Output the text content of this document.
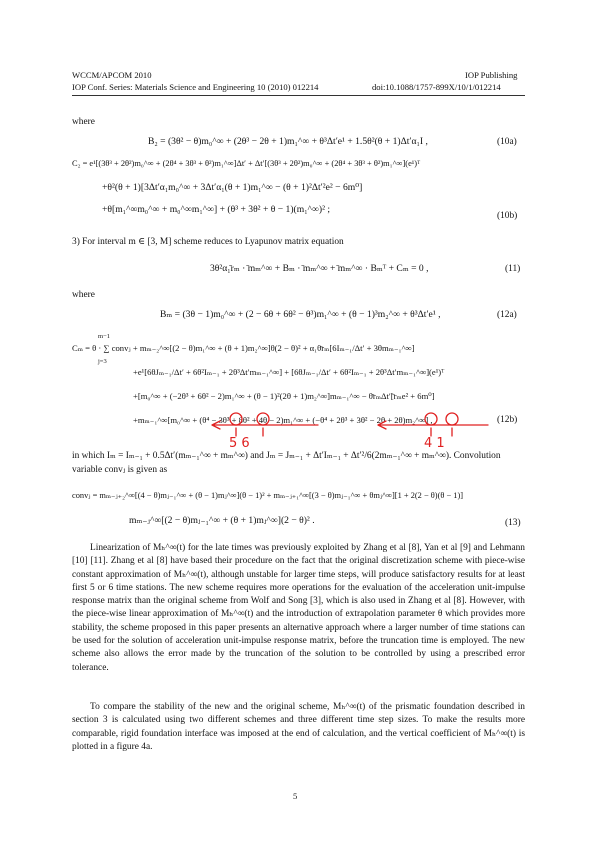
WCCM/APCOM 2010	IOP Publishing
IOP Conf. Series: Materials Science and Engineering 10 (2010) 012214	doi:10.1088/1757-899X/10/1/012214
where
B₂ = (3θ² − θ)m₀^∞ + (2θ³ − 2θ + 1)m₁^∞ + θ³Δt′e¹ + 1.5θ²(θ + 1)Δt′α₁I ,	(10a)
C₂ = e¹[(3θ³ + 2θ²)m₀^∞ + (2θ⁴ + 3θ³ + θ²)m₁^∞]Δt′ + Δt′[(3θ³ + 2θ²)m₀^∞ + (2θ⁴ + 3θ³ + θ²)m₁^∞](e¹)ᵀ
+θ²(θ + 1)[3Δt′α₁m₀^∞ + 3Δt′α₁(θ + 1)m₁^∞ − (θ + 1)²Δt′²e² − 6m⁰]
+θ[m₁^∞m₀^∞ + m₀^∞m₁^∞] + (θ³ + 3θ² + θ − 1)(m₁^∞)² ;
(10b)
3) For interval m ∈ [3, M] scheme reduces to Lyapunov matrix equation
3θ²α₁̄rₘ · ̄mₘ^∞ + Bₘ · ̄mₘ^∞ + ̄mₘ^∞ · Bₘᵀ + Cₘ = 0 ,	(11)
where
Bₘ = (3θ − 1)m₀^∞ + (2 − 6θ + 6θ² − θ³)m₁^∞ + (θ − 1)³m₂^∞ + θ³Δt′e¹ ,	(12a)
m−1
j=3
Cₘ = θ · ∑ convⱼ + mₘ₋₂^∞[(2 − θ)m₁^∞ + (θ + 1)m₂^∞]θ(2 − θ)² + α₁θ̄rₘ[6Iₘ₋₁/Δt′ + 3θmₘ₋₁^∞]
+e¹[6θJₘ₋₁/Δt′ + 6θ²Iₘ₋₁ + 2θ³Δt′mₘ₋₁^∞] + [6θJₘ₋₁/Δt′ + 6θ²Iₘ₋₁ + 2θ³Δt′mₘ₋₁^∞](e¹)ᵀ
+[m₀^∞ + (−2θ³ + 6θ² − 2)m₁^∞ + (θ − 1)²(2θ + 1)m₂^∞]mₘ₋₁^∞ − θ̄rₘΔt′[̄rₘe² + 6m⁰]
+mₘ₋₁^∞[m₀^∞ + (θ⁴ − 3θ³ + 8θ² + 4θ − 2)m₁^∞ + (−θ⁴ + 2θ³ + 3θ² − 2θ + 2θ)m₂^∞] ,	(12b)
in which Iₘ = Iₘ₋₁ + 0.5Δt′(mₘ₋₁^∞ + mₘ^∞) and Jₘ = Jₘ₋₁ + Δt′Iₘ₋₁ + Δt′²/6(2mₘ₋₁^∞ + mₘ^∞). Convolution
variable convⱼ is given as
convⱼ = mₘ₋ⱼ₊₂^∞[(4 − θ)mⱼ₋₁^∞ + (θ − 1)mⱼ^∞](θ − 1)² + mₘ₋ⱼ₊₁^∞[(3 − θ)mⱼ₋₁^∞ + θmⱼ^∞][1 + 2(2 − θ)(θ − 1)]
mₘ₋ⱼ^∞[(2 − θ)mⱼ₋₁^∞ + (θ + 1)mⱼ^∞](2 − θ)² .	(13)
Linearization of Mₕ^∞(t) for the late times was previously exploited by Zhang et al [8], Yan et al [9] and Lehmann [10] [11]. Zhang et al [8] have based their procedure on the fact that the original discretization scheme with piece-wise constant approximation of Mₕ^∞(t), although unstable for larger time steps, will produce satisfactory results for at least first 5 or 6 time stations. The new scheme requires more operations for the evaluation of the acceleration unit-impulse response matrix than the original scheme from Wolf and Song [3], which is also used in Zhang et al [8]. However, with the piece-wise linear approximation of Mₕ^∞(t) and the introduction of extrapolation parameter θ which provides more stability, the scheme proposed in this paper presents an alternative approach where a larger number of time stations can be used for the solution of acceleration unit-impulse response matrix, before the truncation time is employed. The new scheme also allows the error made by the truncation of the solution to be controlled by using a prescribed error tolerance.
To compare the stability of the new and the original scheme, Mₕ^∞(t) of the prismatic foundation described in section 3 is calculated using two different schemes and three different time step sizes. To make the results more comparable, rigid foundation interface was imposed at the end of calculation, and the vertical coefficient of Mₕ^∞(t) is plotted in a figure 4a.
5
5 6	4 1
